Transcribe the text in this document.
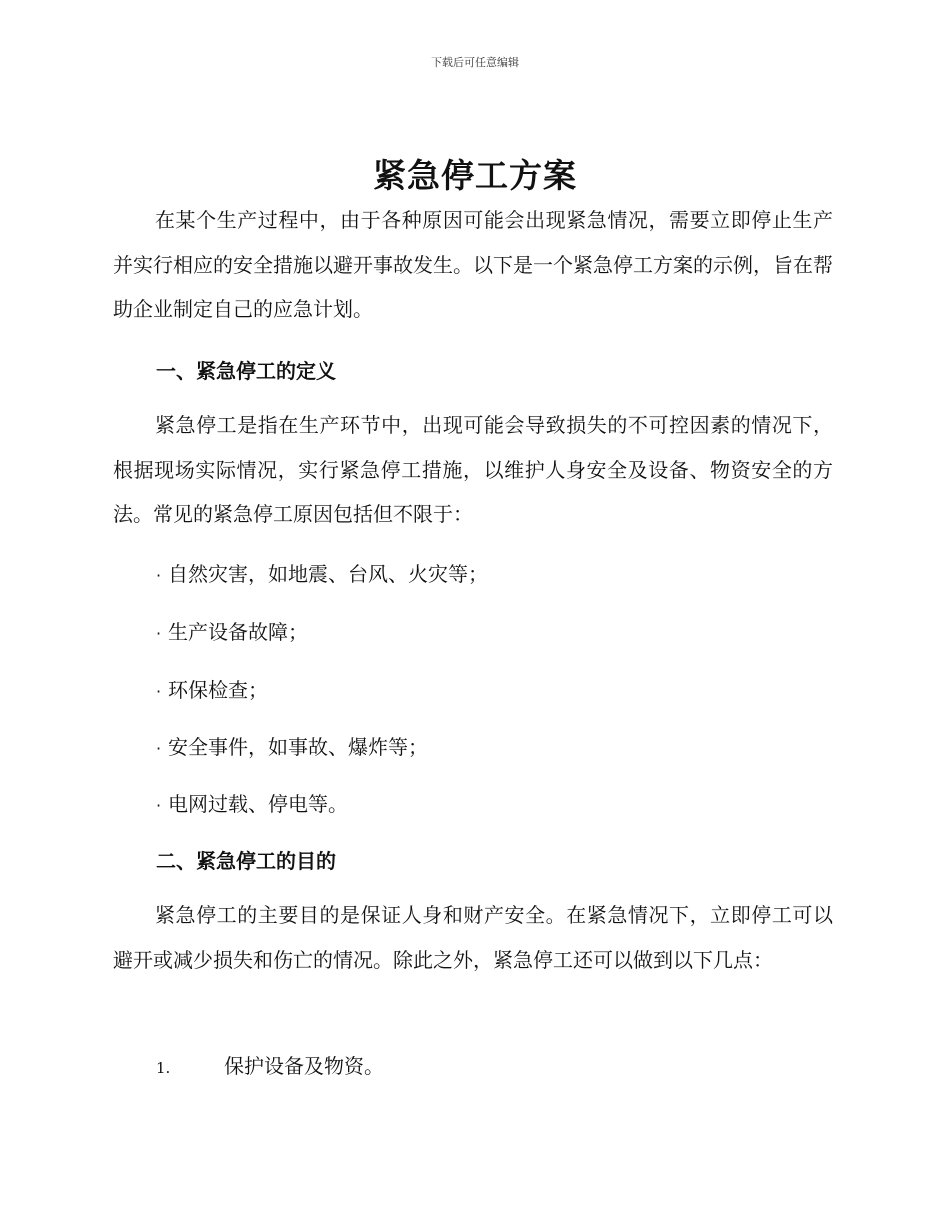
下载后可任意编辑
紧急停工方案

在某个生产过程中，由于各种原因可能会出现紧急情况，需要立即停止生产并实行相应的安全措施以避开事故发生。以下是一个紧急停工方案的示例，旨在帮助企业制定自己的应急计划。

一、紧急停工的定义

紧急停工是指在生产环节中，出现可能会导致损失的不可控因素的情况下，根据现场实际情况，实行紧急停工措施，以维护人身安全及设备、物资安全的方法。常见的紧急停工原因包括但不限于：

· 自然灾害，如地震、台风、火灾等；
· 生产设备故障；
· 环保检查；
· 安全事件，如事故、爆炸等；
· 电网过载、停电等。
二、紧急停工的目的

紧急停工的主要目的是保证人身和财产安全。在紧急情况下，立即停工可以避开或减少损失和伤亡的情况。除此之外，紧急停工还可以做到以下几点：

1.	保护设备及物资。
